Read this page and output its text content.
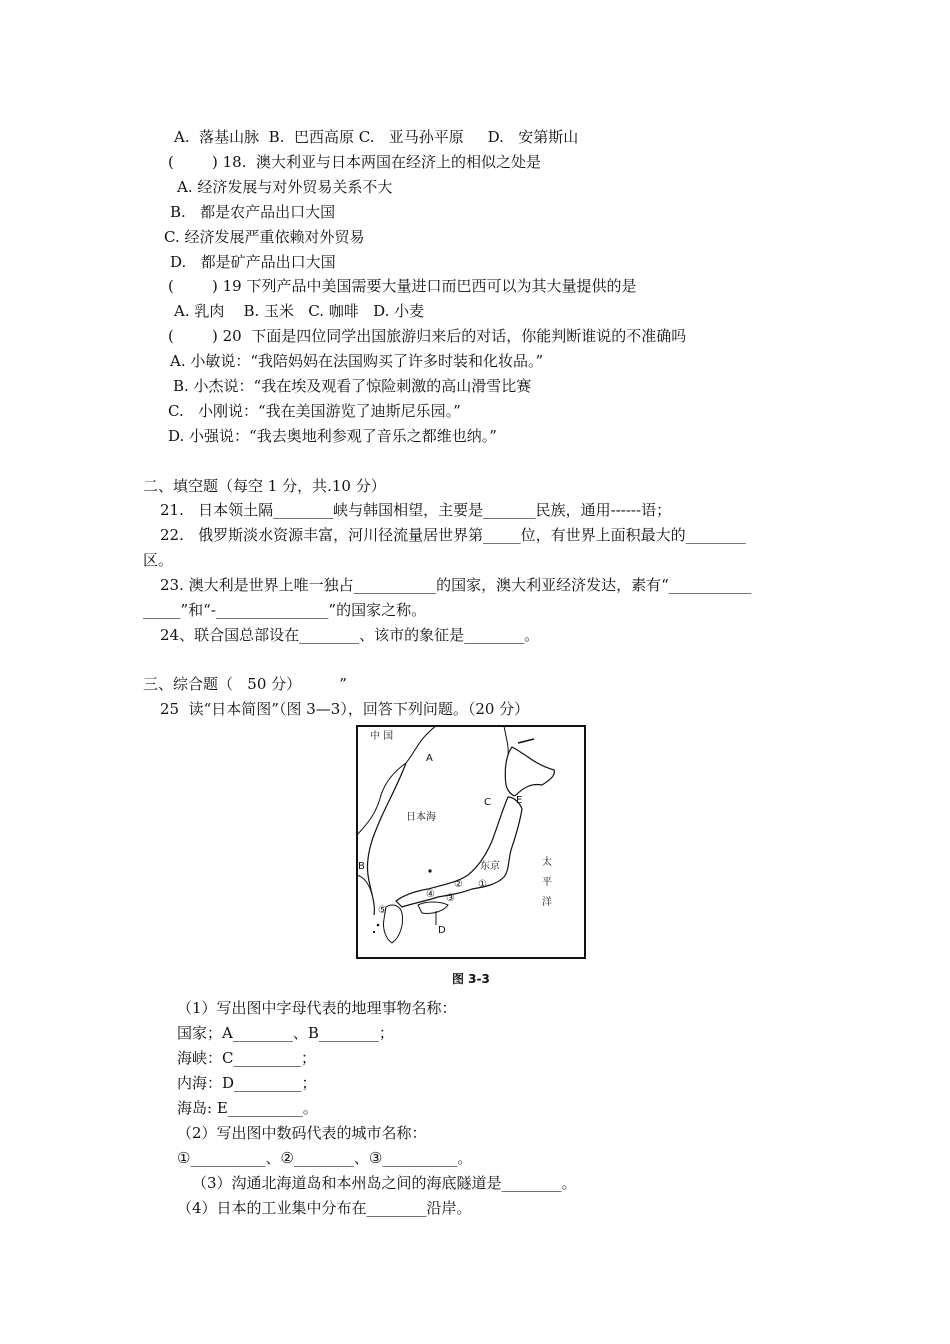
A.  落基山脉  B.  巴西高原 C.   亚马孙平原     D.   安第斯山
(        ) 18.  澳大利亚与日本两国在经济上的相似之处是
A. 经济发展与对外贸易关系不大
B.   都是农产品出口大国
C. 经济发展严重依赖对外贸易
D.   都是矿产品出口大国
(        ) 19 下列产品中美国需要大量进口而巴西可以为其大量提供的是
A. 乳肉    B. 玉米   C. 咖啡   D. 小麦
(        ) 20  下面是四位同学出国旅游归来后的对话，你能判断谁说的不准确吗
A. 小敏说：“我陪妈妈在法国购买了许多时装和化妆品。”
B. 小杰说：“我在埃及观看了惊险刺激的高山滑雪比赛
C.   小刚说：“我在美国游览了迪斯尼乐园。”
D. 小强说：“我去奥地利参观了音乐之都维也纳。”
二、填空题（每空 1 分，共.10 分）
21.   日本领土隔________峡与韩国相望，主要是_______民族，通用------语；
22.   俄罗斯淡水资源丰富，河川径流量居世界第_____位，有世界上面积最大的________
区。
23. 澳大利是世界上唯一独占___________的国家，澳大利亚经济发达，素有“___________
_____”和“-_______________”的国家之称。
24、联合国总部设在________、该市的象征是________。
三、综合题（   50 分）        ”
25  读“日本简图”（图 3—3），回答下列问题。（20 分）
中 国
日本海
东京	太
平
洋
A
B
C
D
E
①
②
③
④
⑤
图 3-3
（1）写出图中字母代表的地理事物名称：
国家；A________、B________；
海峡：C_________；
内海：D_________；
海岛: E__________。
（2）写出图中数码代表的城市名称：
①__________、②________、③__________。
（3）沟通北海道岛和本州岛之间的海底隧道是________。
（4）日本的工业集中分布在________沿岸。
